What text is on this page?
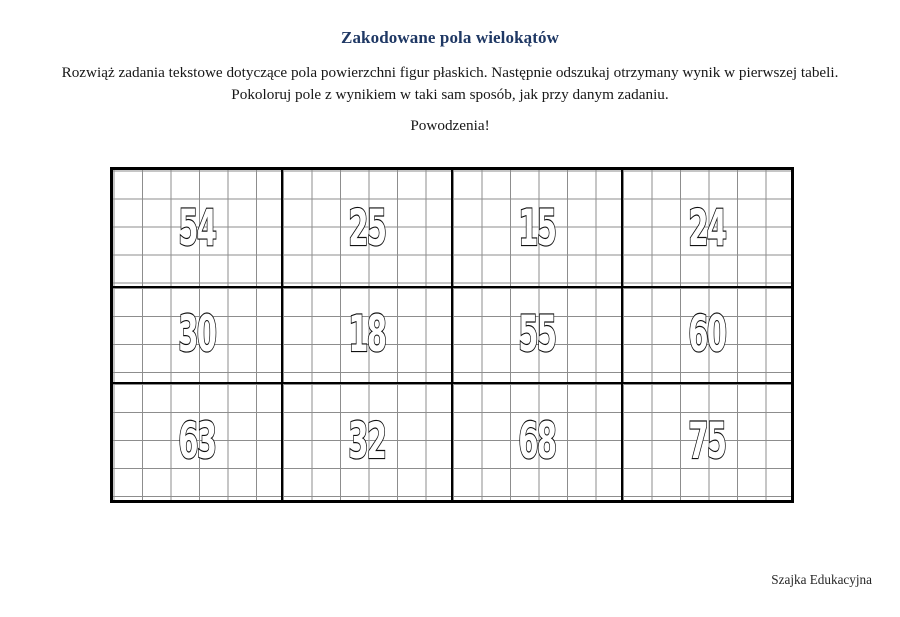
Zakodowane pola wielokątów
Rozwiąż zadania tekstowe dotyczące pola powierzchni figur płaskich. Następnie odszukaj otrzymany wynik w pierwszej tabeli. Pokoloruj pole z wynikiem w taki sam sposób, jak przy danym zadaniu.
Powodzenia!
54	25	15	24

30	18	55	60

63	32	68	75
Szajka Edukacyjna
